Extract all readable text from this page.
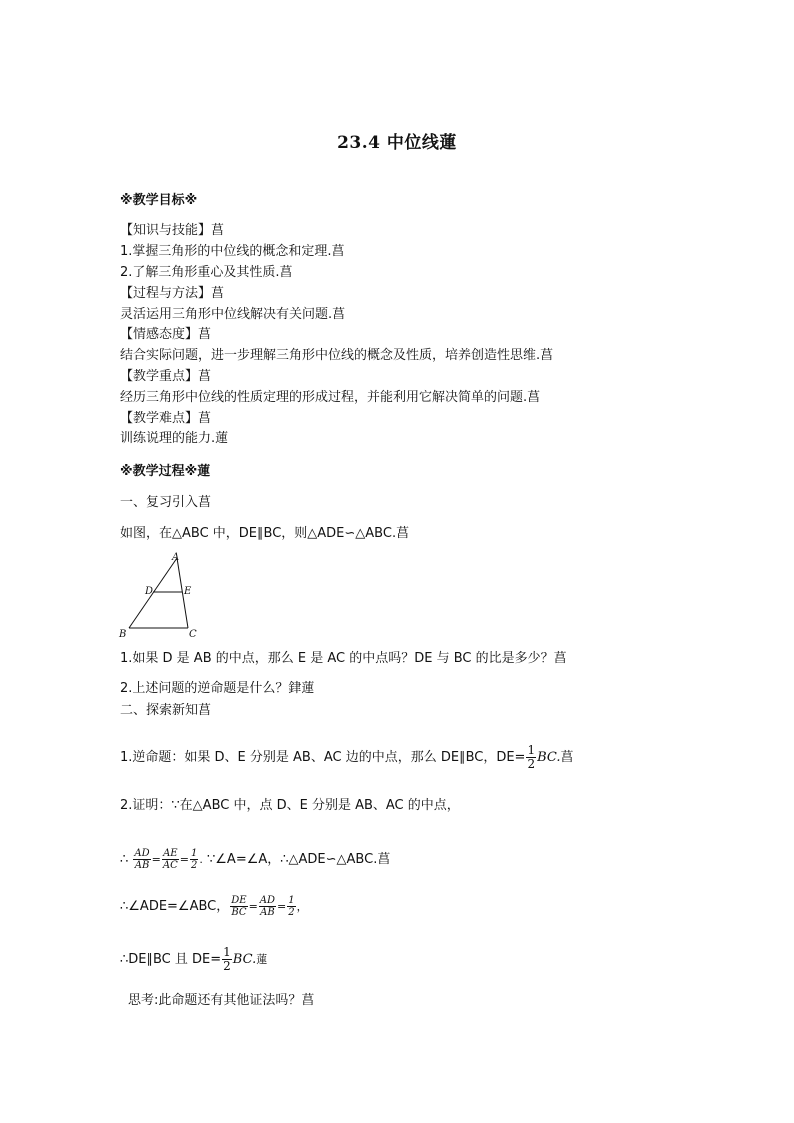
23.4 中位线蓮
※教学目标※
【知识与技能】菖
1.掌握三角形的中位线的概念和定理.菖
2.了解三角形重心及其性质.菖
【过程与方法】菖
灵活运用三角形中位线解决有关问题.菖
【情感态度】菖
结合实际问题，进一步理解三角形中位线的概念及性质，培养创造性思维.菖
【教学重点】菖
经历三角形中位线的性质定理的形成过程，并能利用它解决简单的问题.菖
【教学难点】菖
训练说理的能力.蓮
※教学过程※蓮
一、复习引入菖
如图，在△ABC 中，DE∥BC，则△ADE∽△ABC.菖
A
B	C
D	E
1.如果 D 是 AB 的中点，那么 E 是 AC 的中点吗？DE 与 BC 的比是多少？菖
2.上述问题的逆命题是什么？銉蓮
二、探索新知菖
1.逆命题：如果 D、E 分别是 AB、AC 边的中点，那么 DE∥BC，$DE= \frac{1}{2}$ BC.菖
2.证明：∵在△ABC 中，点 D、E 分别是 AB、AC 的中点，
∴ $\frac{AD}{AB} = \frac{AE}{AC} = \frac{1}{2}$ . ∵∠A=∠A，∴△ADE∽△ABC.菖
∴∠ADE=∠ABC， $\frac{DE}{BC} = \frac{AD}{AB} = \frac{1}{2}$ ，
∴DE∥BC 且 $DE= \frac{1}{2}$ BC.蓮
思考:此命题还有其他证法吗？菖
